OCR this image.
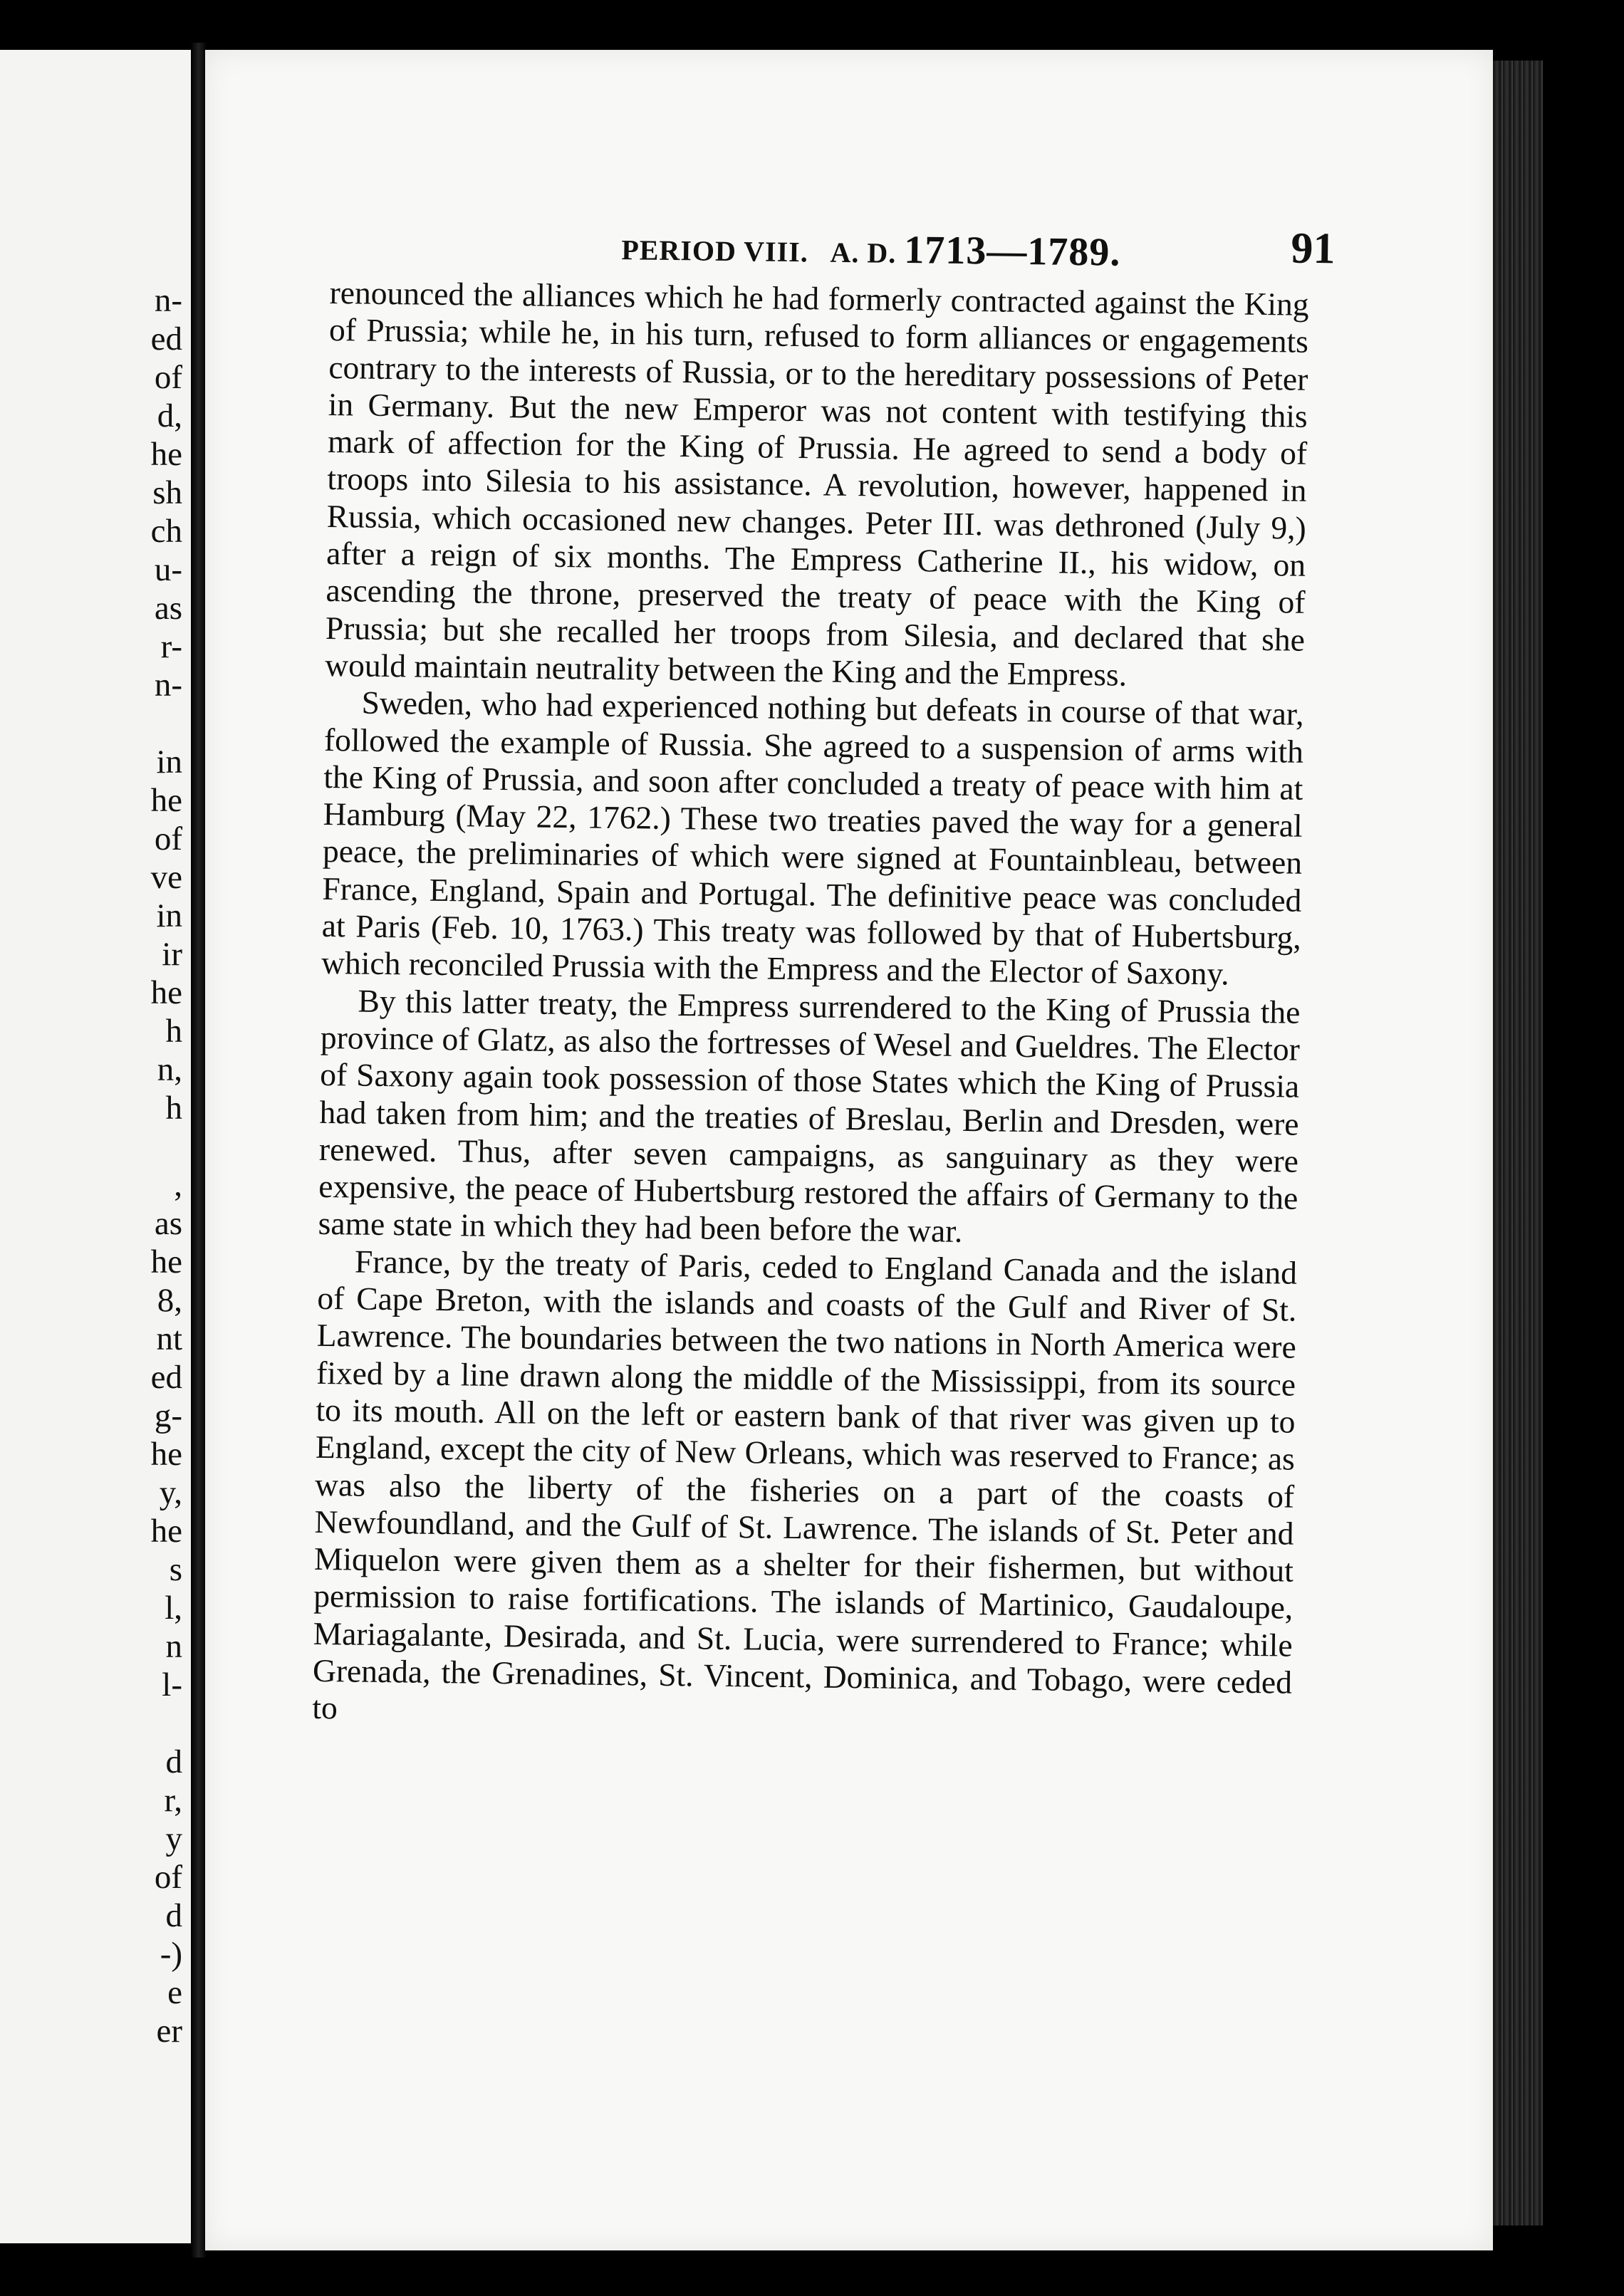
n-
ed
of
d,
he
sh
ch
u-
as
r-
n-
in
he
of
ve
in
ir
he
h
n,
h
,
as
he
8,
nt
ed
g-
he
y,
he
s
l,
n
l-
d
r,
y
of
d
-)
e
er
PERIOD VIII. A. D. 1713—1789.	91

renounced the alliances which he had formerly contracted against the King of Prussia; while he, in his turn, refused to form alliances or engagements contrary to the interests of Russia, or to the hereditary possessions of Peter in Germany. But the new Emperor was not content with testifying this mark of affection for the King of Prussia. He agreed to send a body of troops into Silesia to his assistance. A revolution, however, happened in Russia, which occasioned new changes. Peter III. was dethroned (July 9,) after a reign of six months. The Empress Catherine II., his widow, on ascending the throne, preserved the treaty of peace with the King of Prussia; but she recalled her troops from Silesia, and declared that she would maintain neutrality between the King and the Empress.

Sweden, who had experienced nothing but defeats in course of that war, followed the example of Russia. She agreed to a suspension of arms with the King of Prussia, and soon after concluded a treaty of peace with him at Hamburg (May 22, 1762.) These two treaties paved the way for a general peace, the preliminaries of which were signed at Fountainbleau, between France, England, Spain and Portugal. The definitive peace was concluded at Paris (Feb. 10, 1763.) This treaty was followed by that of Hubertsburg, which reconciled Prussia with the Empress and the Elector of Saxony.

By this latter treaty, the Empress surrendered to the King of Prussia the province of Glatz, as also the fortresses of Wesel and Gueldres. The Elector of Saxony again took possession of those States which the King of Prussia had taken from him; and the treaties of Breslau, Berlin and Dresden, were renewed. Thus, after seven campaigns, as sanguinary as they were expensive, the peace of Hubertsburg restored the affairs of Germany to the same state in which they had been before the war.

France, by the treaty of Paris, ceded to England Canada and the island of Cape Breton, with the islands and coasts of the Gulf and River of St. Lawrence. The boundaries between the two nations in North America were fixed by a line drawn along the middle of the Mississippi, from its source to its mouth. All on the left or eastern bank of that river was given up to England, except the city of New Orleans, which was reserved to France; as was also the liberty of the fisheries on a part of the coasts of Newfoundland, and the Gulf of St. Lawrence. The islands of St. Peter and Miquelon were given them as a shelter for their fishermen, but without permission to raise fortifications. The islands of Martinico, Gaudaloupe, Mariagalante, Desirada, and St. Lucia, were surrendered to France; while Grenada, the Grenadines, St. Vincent, Dominica, and Tobago, were ceded to
